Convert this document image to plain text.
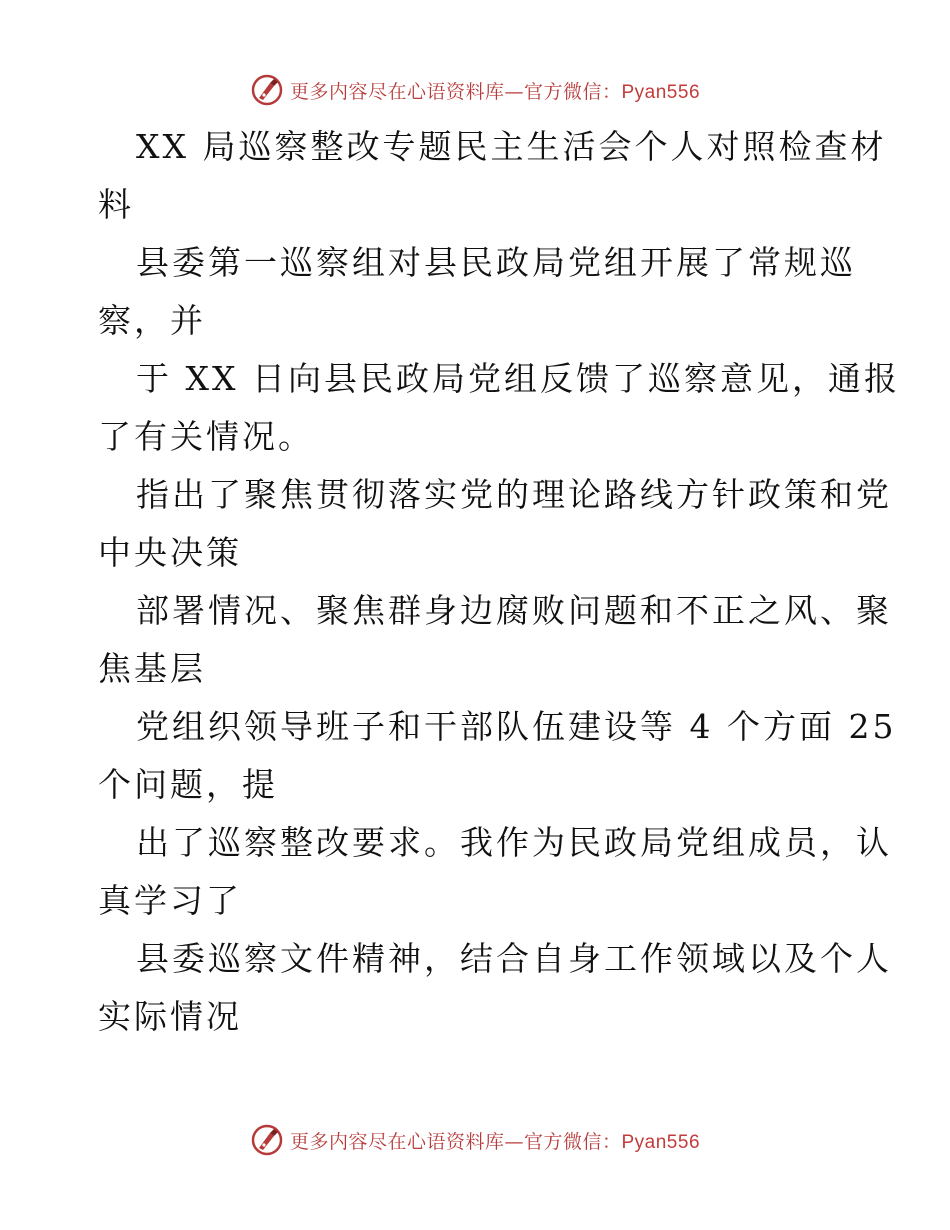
更多内容尽在心语资料库—官方微信：Pyan556
XX 局巡察整改专题民主生活会个人对照检查材
料
县委第一巡察组对县民政局党组开展了常规巡
察，并
于 XX 日向县民政局党组反馈了巡察意见，通报
了有关情况。
指出了聚焦贯彻落实党的理论路线方针政策和党
中央决策
部署情况、聚焦群身边腐败问题和不正之风、聚
焦基层
党组织领导班子和干部队伍建设等 4 个方面 25
个问题，提
出了巡察整改要求。我作为民政局党组成员，认
真学习了
县委巡察文件精神，结合自身工作领域以及个人
实际情况
更多内容尽在心语资料库—官方微信：Pyan556
